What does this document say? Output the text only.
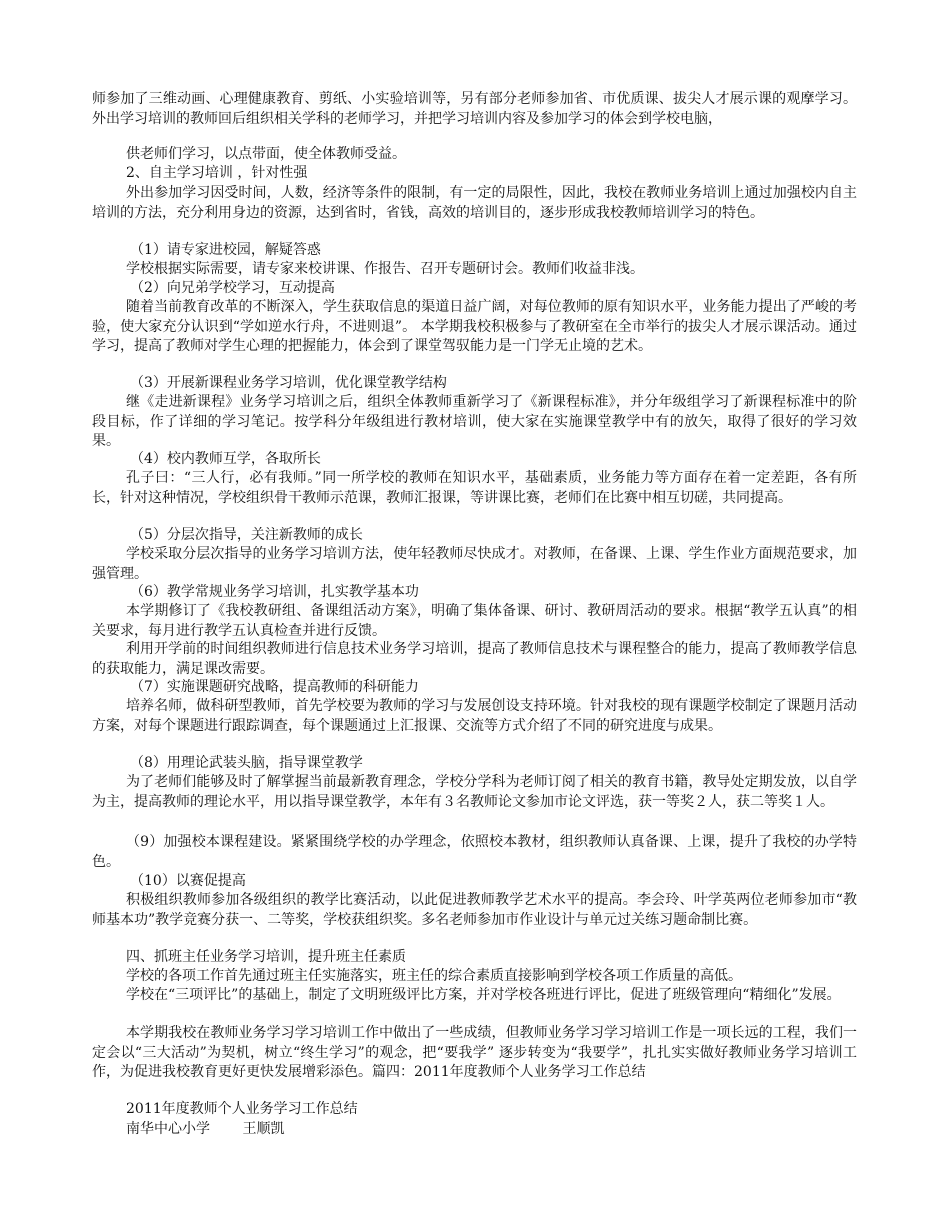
师参加了三维动画、心理健康教育、剪纸、小实验培训等，另有部分老师参加省、市优质课、拔尖人才展示课的观摩学习。外出学习培训的教师回后组织相关学科的老师学习，并把学习培训内容及参加学习的体会到学校电脑，

供老师们学习，以点带面，使全体教师受益。

2、自主学习培训 ，针对性强

外出参加学习因受时间，人数，经济等条件的限制，有一定的局限性，因此，我校在教师业务培训上通过加强校内自主培训的方法，充分利用身边的资源，达到省时，省钱，高效的培训目的，逐步形成我校教师培训学习的特色。

（1）请专家进校园，解疑答惑

学校根据实际需要，请专家来校讲课、作报告、召开专题研讨会。教师们收益非浅。

（2）向兄弟学校学习，互动提高

随着当前教育改革的不断深入，学生获取信息的渠道日益广阔，对每位教师的原有知识水平，业务能力提出了严峻的考验，使大家充分认识到“学如逆水行舟，不进则退”。 本学期我校积极参与了教研室在全市举行的拔尖人才展示课活动。通过学习，提高了教师对学生心理的把握能力，体会到了课堂驾驭能力是一门学无止境的艺术。

（3）开展新课程业务学习培训，优化课堂教学结构

继《走进新课程》业务学习培训之后，组织全体教师重新学习了《新课程标准》，并分年级组学习了新课程标准中的阶段目标，作了详细的学习笔记。按学科分年级组进行教材培训，使大家在实施课堂教学中有的放矢，取得了很好的学习效果。

（4）校内教师互学，各取所长

孔子曰：“三人行，必有我师。”同一所学校的教师在知识水平，基础素质，业务能力等方面存在着一定差距，各有所长，针对这种情况，学校组织骨干教师示范课，教师汇报课，等讲课比赛，老师们在比赛中相互切磋，共同提高。

（5）分层次指导，关注新教师的成长

学校采取分层次指导的业务学习培训方法，使年轻教师尽快成才。对教师，在备课、上课、学生作业方面规范要求，加强管理。

（6）教学常规业务学习培训，扎实教学基本功

本学期修订了《我校教研组、备课组活动方案》，明确了集体备课、研讨、教研周活动的要求。根据“教学五认真”的相关要求，每月进行教学五认真检查并进行反馈。

利用开学前的时间组织教师进行信息技术业务学习培训，提高了教师信息技术与课程整合的能力，提高了教师教学信息的获取能力，满足课改需要。

（7）实施课题研究战略，提高教师的科研能力

培养名师，做科研型教师，首先学校要为教师的学习与发展创设支持环境。针对我校的现有课题学校制定了课题月活动方案，对每个课题进行跟踪调查，每个课题通过上汇报课、交流等方式介绍了不同的研究进度与成果。

（8）用理论武装头脑，指导课堂教学

为了老师们能够及时了解掌握当前最新教育理念，学校分学科为老师订阅了相关的教育书籍，教导处定期发放，以自学为主，提高教师的理论水平，用以指导课堂教学，本年有３名教师论文参加市论文评选，获一等奖２人，获二等奖１人。

（9）加强校本课程建设。紧紧围绕学校的办学理念，依照校本教材，组织教师认真备课、上课，提升了我校的办学特色。

（10）以赛促提高

积极组织教师参加各级组织的教学比赛活动，以此促进教师教学艺术水平的提高。李会玲、叶学英两位老师参加市“教师基本功”教学竞赛分获一、二等奖，学校获组织奖。多名老师参加市作业设计与单元过关练习题命制比赛。

四、抓班主任业务学习培训，提升班主任素质

学校的各项工作首先通过班主任实施落实，班主任的综合素质直接影响到学校各项工作质量的高低。

学校在“三项评比”的基础上，制定了文明班级评比方案，并对学校各班进行评比，促进了班级管理向“精细化”发展。

本学期我校在教师业务学习学习培训工作中做出了一些成绩，但教师业务学习学习培训工作是一项长远的工程，我们一定会以“三大活动”为契机，树立“终生学习”的观念，把“要我学” 逐步转变为“我要学”，扎扎实实做好教师业务学习培训工作，为促进我校教育更好更快发展增彩添色。篇四：2011年度教师个人业务学习工作总结

2011年度教师个人业务学习工作总结

南华中心小学　　 王顺凯
